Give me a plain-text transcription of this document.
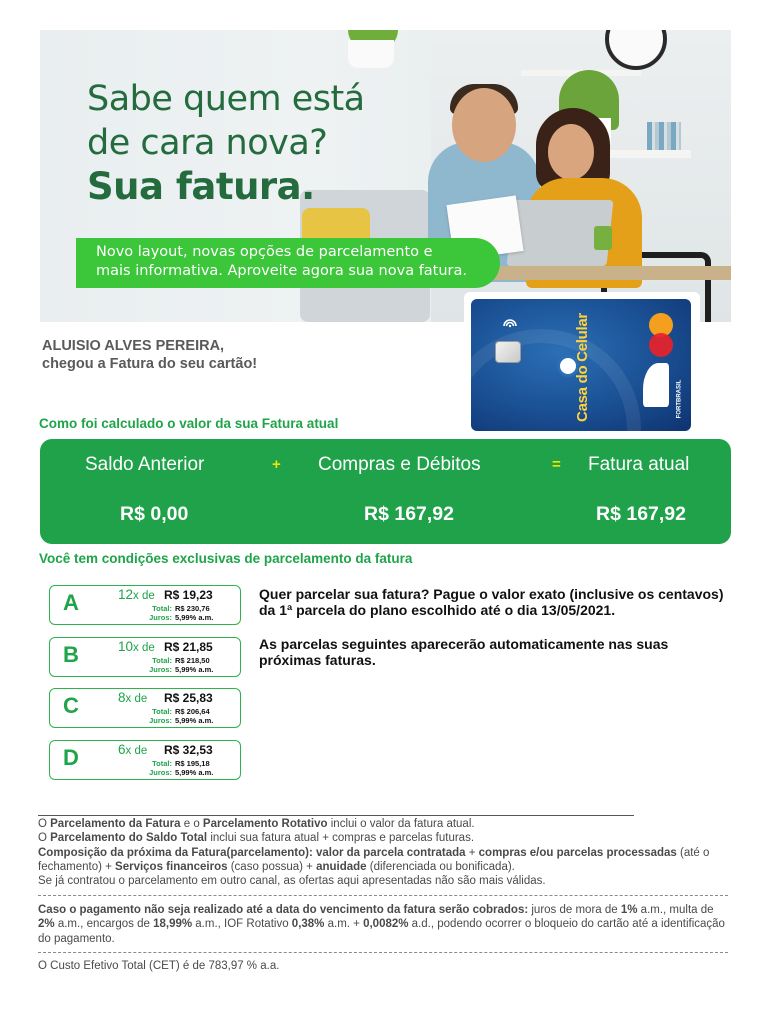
Sabe quem está
de cara nova?
Sua fatura.
Novo layout, novas opções de parcelamento e
mais informativa. Aproveite agora sua nova fatura.
Casa do Celular	FORTBRASIL
ALUISIO ALVES PEREIRA,
chegou a Fatura do seu cartão!
Como foi calculado o valor da sua Fatura atual
Saldo Anterior	+ Compras e Débitos	= Fatura atual
R$ 0,00	R$ 167,92	R$ 167,92
Você tem condições exclusivas de parcelamento da fatura
A	12x de R$ 19,23
Total: R$ 230,76
Juros: 5,99% a.m.
B	10x de R$ 21,85
Total: R$ 218,50
Juros: 5,99% a.m.
C	8x de R$ 25,83
Total: R$ 206,64
Juros: 5,99% a.m.
D	6x de R$ 32,53
Total: R$ 195,18
Juros: 5,99% a.m.
Quer parcelar sua fatura? Pague o valor exato (inclusive os centavos) da 1ª parcela do plano escolhido até o dia 13/05/2021.
As parcelas seguintes aparecerão automaticamente nas suas próximas faturas.
O Parcelamento da Fatura e o Parcelamento Rotativo inclui o valor da fatura atual.
O Parcelamento do Saldo Total inclui sua fatura atual + compras e parcelas futuras.
Composição da próxima da Fatura(parcelamento): valor da parcela contratada + compras e/ou parcelas processadas (até o fechamento) + Serviços financeiros (caso possua) + anuidade (diferenciada ou bonificada).
Se já contratou o parcelamento em outro canal, as ofertas aqui apresentadas não são mais válidas.
Caso o pagamento não seja realizado até a data do vencimento da fatura serão cobrados: juros de mora de 1% a.m., multa de 2% a.m., encargos de 18,99% a.m., IOF Rotativo 0,38% a.m. + 0,0082% a.d., podendo ocorrer o bloqueio do cartão até a identificação do pagamento.
O Custo Efetivo Total (CET) é de 783,97 % a.a.
